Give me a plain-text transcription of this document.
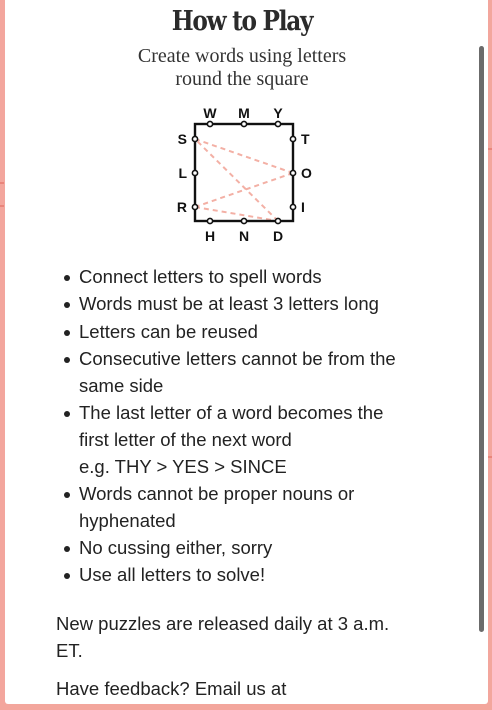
How to Play
Create words using letters
round the square
W M Y
H N D
S
L
R
T
O
I
Connect letters to spell words
Words must be at least 3 letters long
Letters can be reused
Consecutive letters cannot be from the
same side
The last letter of a word becomes the
first letter of the next word
e.g. THY > YES > SINCE
Words cannot be proper nouns or
hyphenated
No cussing either, sorry
Use all letters to solve!
New puzzles are released daily at 3 a.m.
ET.
Have feedback? Email us at
